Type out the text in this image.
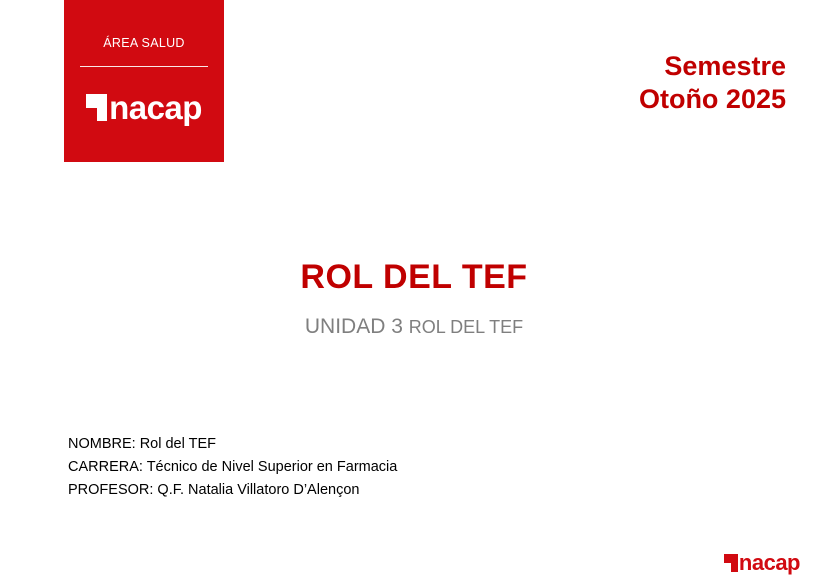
ÁREA SALUD
nacap
Semestre
Otoño 2025
ROL DEL TEF
UNIDAD 3 ROL DEL TEF
NOMBRE: Rol del TEF
CARRERA: Técnico de Nivel Superior en Farmacia
PROFESOR: Q.F. Natalia Villatoro D’Alençon
nacap
